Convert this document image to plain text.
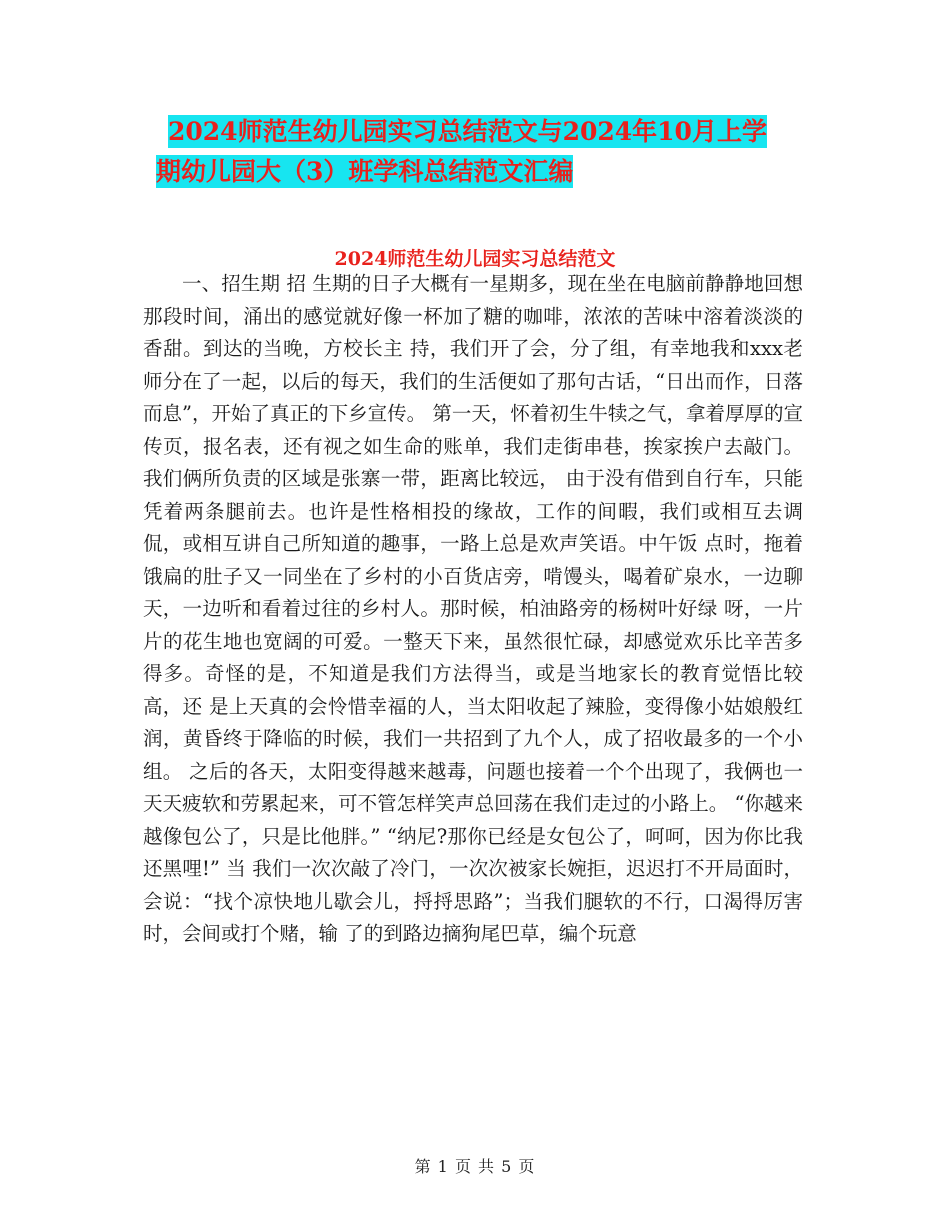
2024师范生幼儿园实习总结范文与2024年10月上学
期幼儿园大（3）班学科总结范文汇编
2024师范生幼儿园实习总结范文

一、招生期 招 生期的日子大概有一星期多，现在坐在电脑前静静地回想那段时间，涌出的感觉就好像一杯加了糖的咖啡，浓浓的苦味中溶着淡淡的香甜。到达的当晚，方校长主 持，我们开了会，分了组，有幸地我和xxx老师分在了一起，以后的每天，我们的生活便如了那句古话，“日出而作，日落而息”，开始了真正的下乡宣传。 第一天，怀着初生牛犊之气，拿着厚厚的宣传页，报名表，还有视之如生命的账单，我们走街串巷，挨家挨户去敲门。我们俩所负责的区域是张寨一带，距离比较远， 由于没有借到自行车，只能凭着两条腿前去。也许是性格相投的缘故，工作的间暇，我们或相互去调侃，或相互讲自己所知道的趣事，一路上总是欢声笑语。中午饭 点时，拖着饿扁的肚子又一同坐在了乡村的小百货店旁，啃馒头，喝着矿泉水，一边聊天，一边听和看着过往的乡村人。那时候，柏油路旁的杨树叶好绿 呀，一片片的花生地也宽阔的可爱。一整天下来，虽然很忙碌，却感觉欢乐比辛苦多得多。奇怪的是，不知道是我们方法得当，或是当地家长的教育觉悟比较高，还 是上天真的会怜惜幸福的人，当太阳收起了辣脸，变得像小姑娘般红润，黄昏终于降临的时候，我们一共招到了九个人，成了招收最多的一个小组。 之后的各天，太阳变得越来越毒，问题也接着一个个出现了，我俩也一天天疲软和劳累起来，可不管怎样笑声总回荡在我们走过的小路上。 “你越来越像包公了，只是比他胖。” “纳尼?那你已经是女包公了，呵呵，因为你比我还黑哩!” 当 我们一次次敲了冷门，一次次被家长婉拒，迟迟打不开局面时，会说：“找个凉快地儿歇会儿，捋捋思路”；当我们腿软的不行，口渴得厉害时，会间或打个赌，输 了的到路边摘狗尾巴草，编个玩意

第 1 页 共 5 页
